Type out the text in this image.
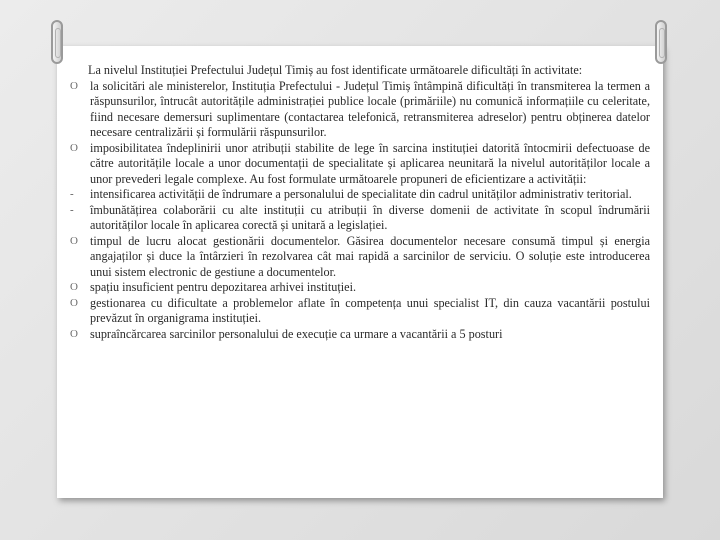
La nivelul Instituției Prefectului Județul Timiș au fost identificate următoarele dificultăți în activitate:

O la solicitări ale ministerelor, Instituția Prefectului - Județul Timiș întâmpină dificultăți în transmiterea la termen a răspunsurilor, întrucât autoritățile administrației publice locale (primăriile) nu comunică informațiile cu celeritate, fiind necesare demersuri suplimentare (contactarea telefonică, retransmiterea adreselor) pentru obținerea datelor necesare centralizării și formulării răspunsurilor.
O imposibilitatea îndeplinirii unor atribuții stabilite de lege în sarcina instituției datorită întocmirii defectuoase de către autoritățile locale a unor documentații de specialitate și aplicarea neunitară la nivelul autorităților locale a unor prevederi legale complexe. Au fost formulate următoarele propuneri de eficientizare a activității:
-	intensificarea activității de îndrumare a personalului de specialitate din cadrul unităților administrativ teritorial.
-	îmbunătățirea colaborării cu alte instituții cu atribuții în diverse domenii de activitate în scopul îndrumării autorităților locale în aplicarea corectă și unitară a legislației.
O timpul de lucru alocat gestionării documentelor. Găsirea documentelor necesare consumă timpul și energia angajaților și duce la întârzieri în rezolvarea cât mai rapidă a sarcinilor de serviciu. O soluție este introducerea unui sistem electronic de gestiune a documentelor.
O spațiu insuficient pentru depozitarea arhivei instituției.
O gestionarea cu dificultate a problemelor aflate în competența unui specialist IT, din cauza vacantării postului prevăzut în organigrama instituției.
O supraîncărcarea sarcinilor personalului de execuție ca urmare a vacantării a 5 posturi
